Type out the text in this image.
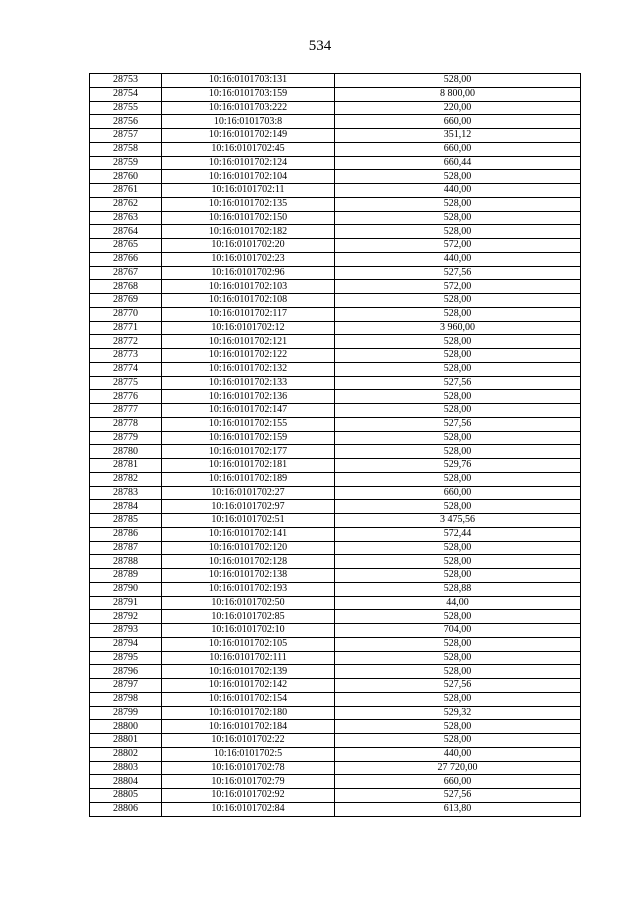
534
28753	10:16:0101703:131	528,00
28754	10:16:0101703:159	8 800,00
28755	10:16:0101703:222	220,00
28756	10:16:0101703:8	660,00
28757	10:16:0101702:149	351,12
28758	10:16:0101702:45	660,00
28759	10:16:0101702:124	660,44
28760	10:16:0101702:104	528,00
28761	10:16:0101702:11	440,00
28762	10:16:0101702:135	528,00
28763	10:16:0101702:150	528,00
28764	10:16:0101702:182	528,00
28765	10:16:0101702:20	572,00
28766	10:16:0101702:23	440,00
28767	10:16:0101702:96	527,56
28768	10:16:0101702:103	572,00
28769	10:16:0101702:108	528,00
28770	10:16:0101702:117	528,00
28771	10:16:0101702:12	3 960,00
28772	10:16:0101702:121	528,00
28773	10:16:0101702:122	528,00
28774	10:16:0101702:132	528,00
28775	10:16:0101702:133	527,56
28776	10:16:0101702:136	528,00
28777	10:16:0101702:147	528,00
28778	10:16:0101702:155	527,56
28779	10:16:0101702:159	528,00
28780	10:16:0101702:177	528,00
28781	10:16:0101702:181	529,76
28782	10:16:0101702:189	528,00
28783	10:16:0101702:27	660,00
28784	10:16:0101702:97	528,00
28785	10:16:0101702:51	3 475,56
28786	10:16:0101702:141	572,44
28787	10:16:0101702:120	528,00
28788	10:16:0101702:128	528,00
28789	10:16:0101702:138	528,00
28790	10:16:0101702:193	528,88
28791	10:16:0101702:50	44,00
28792	10:16:0101702:85	528,00
28793	10:16:0101702:10	704,00
28794	10:16:0101702:105	528,00
28795	10:16:0101702:111	528,00
28796	10:16:0101702:139	528,00
28797	10:16:0101702:142	527,56
28798	10:16:0101702:154	528,00
28799	10:16:0101702:180	529,32
28800	10:16:0101702:184	528,00
28801	10:16:0101702:22	528,00
28802	10:16:0101702:5	440,00
28803	10:16:0101702:78	27 720,00
28804	10:16:0101702:79	660,00
28805	10:16:0101702:92	527,56
28806	10:16:0101702:84	613,80
